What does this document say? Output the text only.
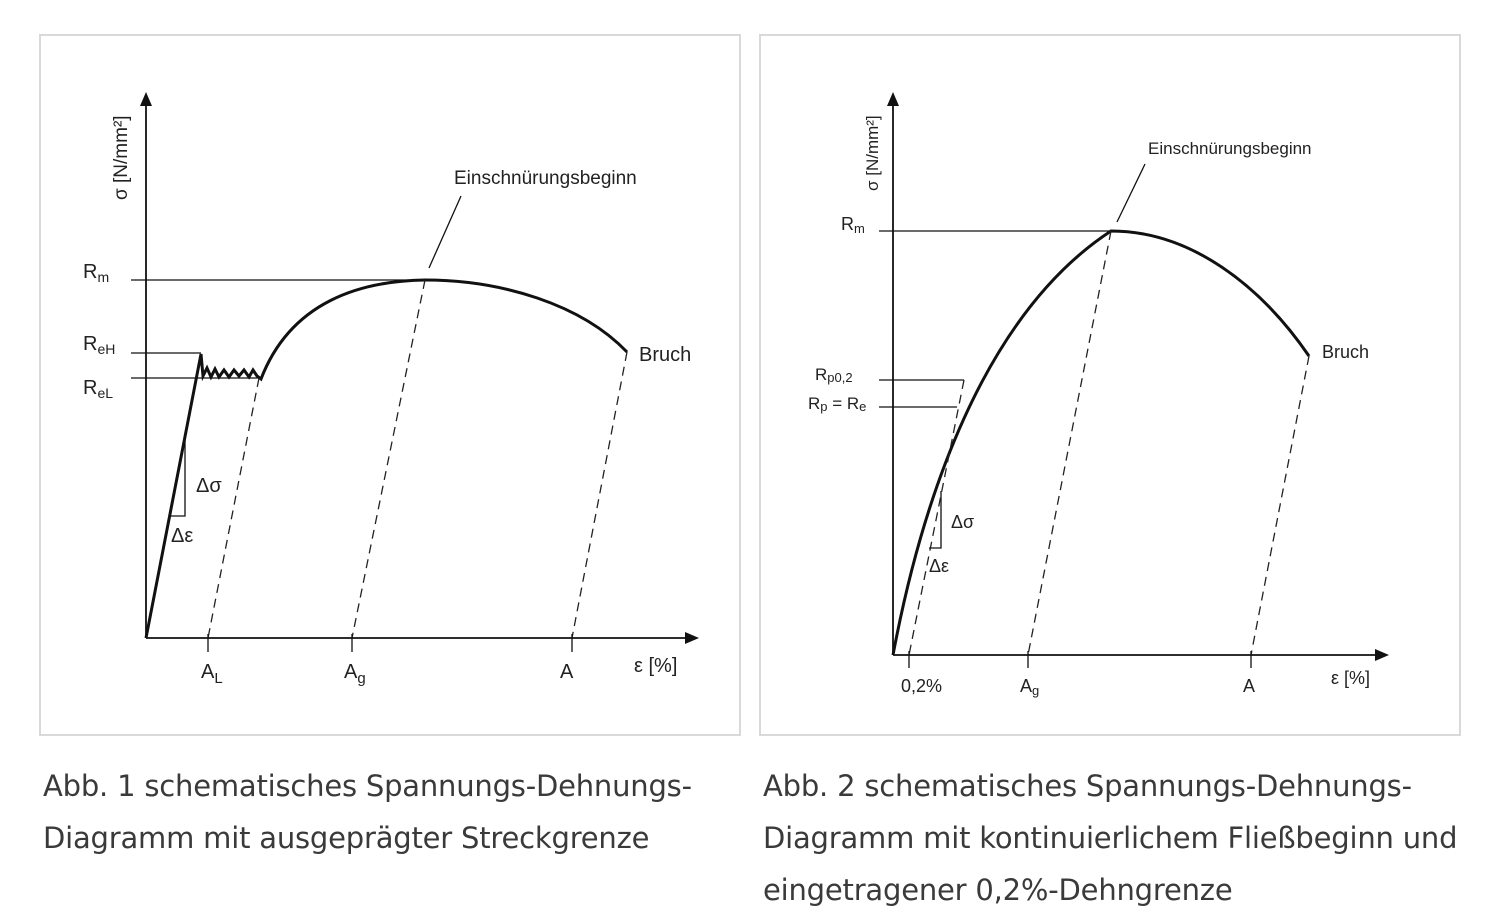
σ [N/mm²]
ε [%]
Δσ
Δε
$R_m$
$R_{eH}$
$R_{eL}$
$A_L$	$A_g$	A
Einschnürungsbeginn
Bruch
σ [N/mm²]
ε [%]
Δσ
Δε
Rm
Rp0,2
Rp = Re
0,2%	Ag	A
Einschnürungsbeginn
Bruch
Abb. 1 schematisches Spannungs-Dehnungs-
Diagramm mit ausgeprägter Streckgrenze
Abb. 2 schematisches Spannungs-Dehnungs-
Diagramm mit kontinuierlichem Fließbeginn und
eingetragener 0,2%-Dehngrenze
